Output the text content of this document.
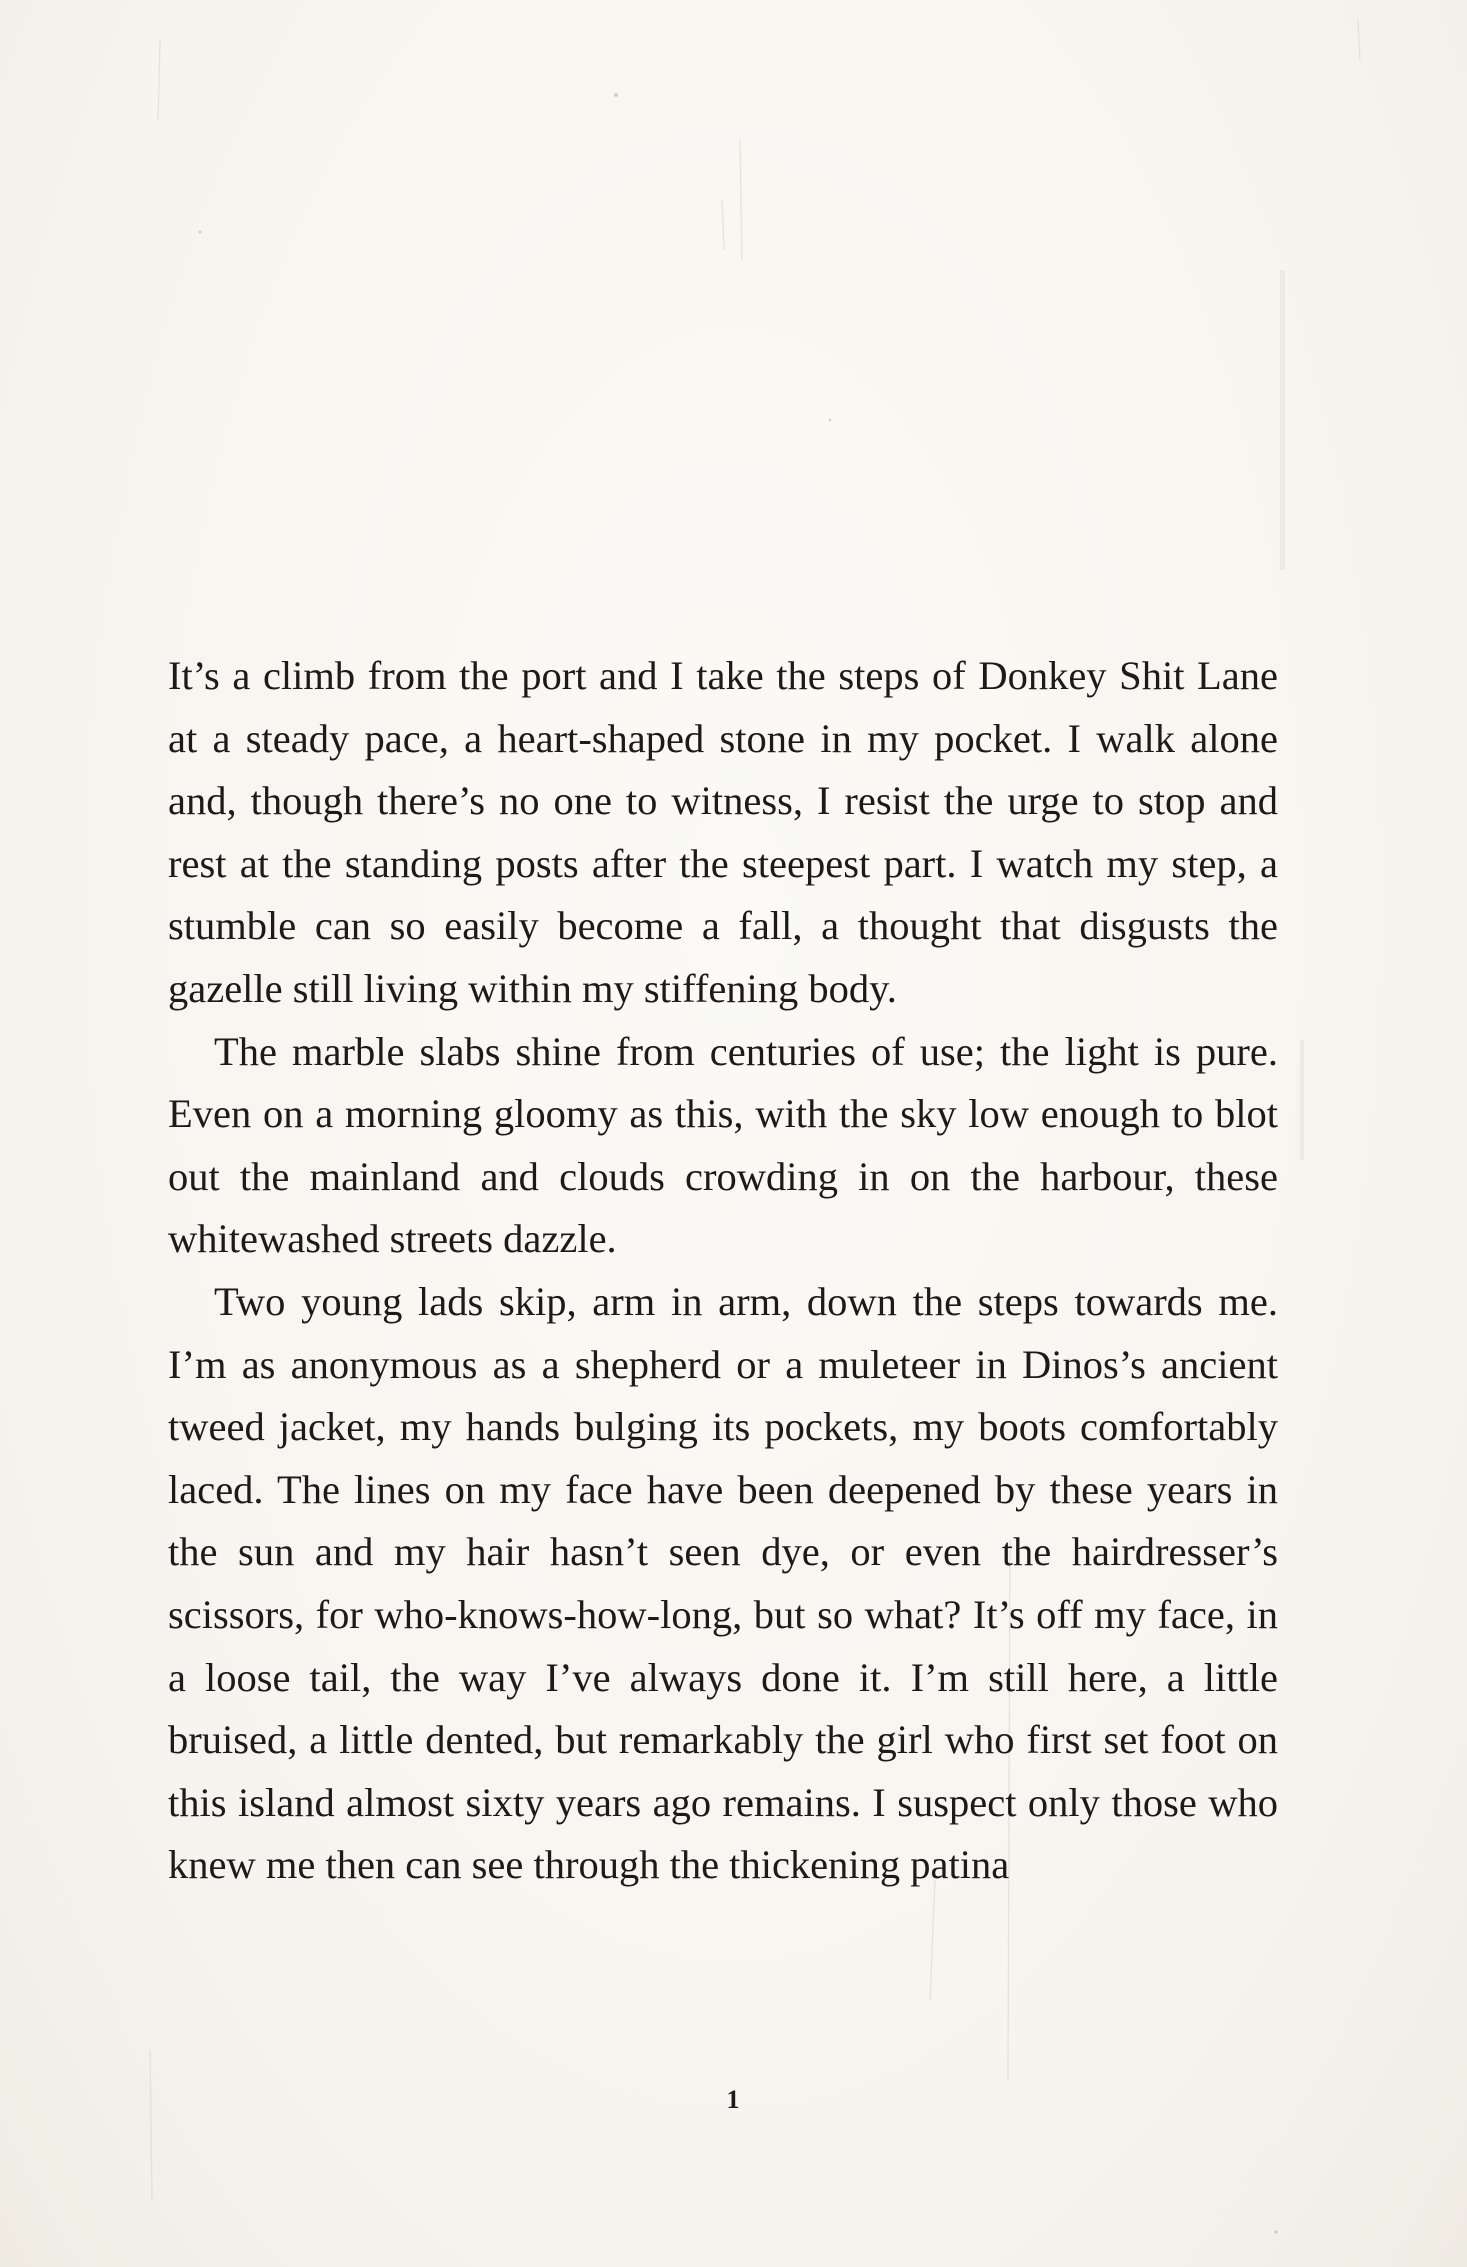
It’s a climb from the port and I take the steps of Donkey Shit Lane at a steady pace, a heart-shaped stone in my pocket. I walk alone and, though there’s no one to witness, I resist the urge to stop and rest at the standing posts after the steepest part. I watch my step, a stumble can so easily become a fall, a thought that disgusts the gazelle still living within my stiffening body.

The marble slabs shine from centuries of use; the light is pure. Even on a morning gloomy as this, with the sky low enough to blot out the mainland and clouds crowding in on the harbour, these whitewashed streets dazzle.

Two young lads skip, arm in arm, down the steps towards me. I’m as anonymous as a shepherd or a muleteer in Dinos’s ancient tweed jacket, my hands bulging its pockets, my boots comfortably laced. The lines on my face have been deepened by these years in the sun and my hair hasn’t seen dye, or even the hairdresser’s scissors, for who-knows-how-long, but so what? It’s off my face, in a loose tail, the way I’ve always done it. I’m still here, a little bruised, a little dented, but remarkably the girl who first set foot on this island almost sixty years ago remains. I suspect only those who knew me then can see through the thickening patina

1
